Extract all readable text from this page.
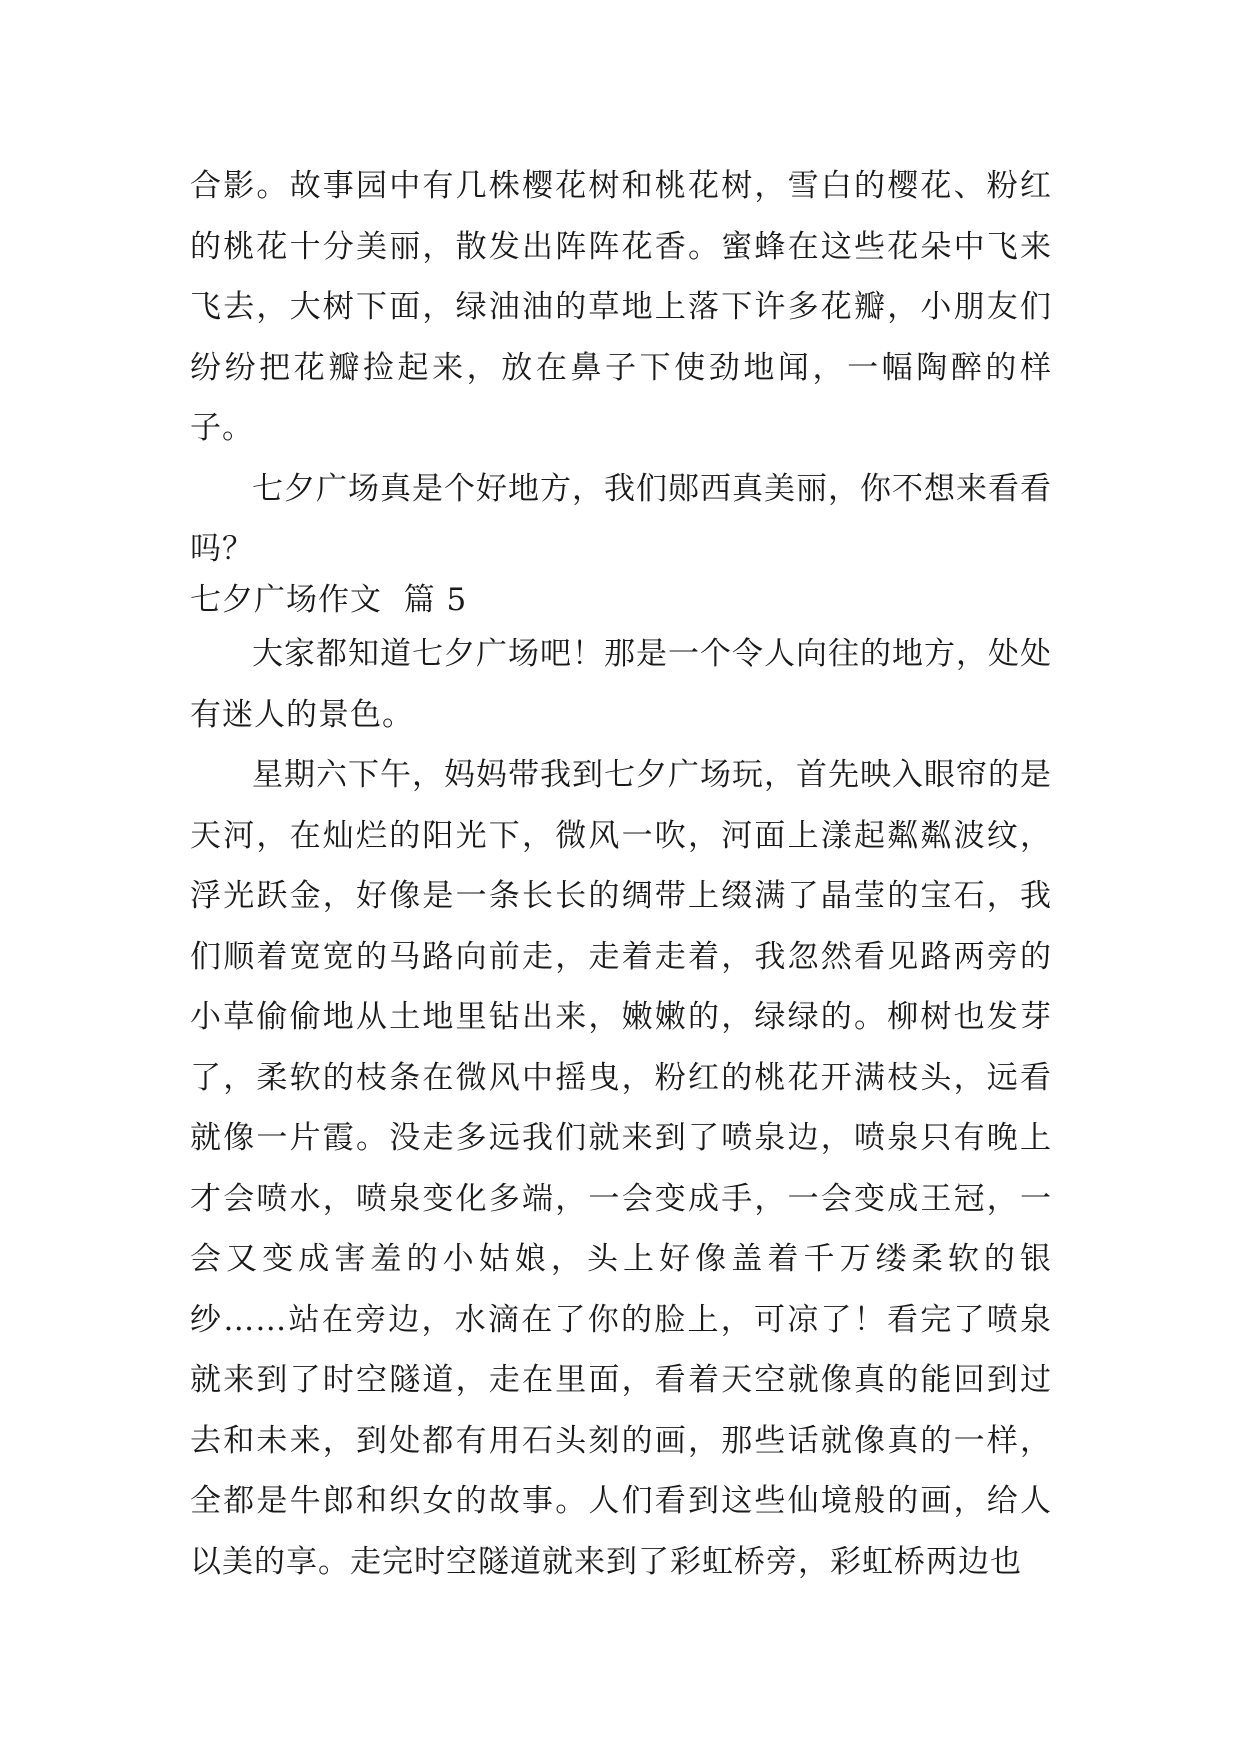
合影。故事园中有几株樱花树和桃花树，雪白的樱花、粉红的桃花十分美丽，散发出阵阵花香。蜜蜂在这些花朵中飞来飞去，大树下面，绿油油的草地上落下许多花瓣，小朋友们纷纷把花瓣捡起来，放在鼻子下使劲地闻，一幅陶醉的样子。

七夕广场真是个好地方，我们郧西真美丽，你不想来看看吗？

七夕广场作文  篇 5

大家都知道七夕广场吧！那是一个令人向往的地方，处处有迷人的景色。

星期六下午，妈妈带我到七夕广场玩，首先映入眼帘的是天河，在灿烂的阳光下，微风一吹，河面上漾起粼粼波纹，浮光跃金，好像是一条长长的绸带上缀满了晶莹的宝石，我们顺着宽宽的马路向前走，走着走着，我忽然看见路两旁的小草偷偷地从土地里钻出来，嫩嫩的，绿绿的。柳树也发芽了，柔软的枝条在微风中摇曳，粉红的桃花开满枝头，远看就像一片霞。没走多远我们就来到了喷泉边，喷泉只有晚上才会喷水，喷泉变化多端，一会变成手，一会变成王冠，一会又变成害羞的小姑娘，头上好像盖着千万缕柔软的银纱……站在旁边，水滴在了你的脸上，可凉了！看完了喷泉就来到了时空隧道，走在里面，看着天空就像真的能回到过去和未来，到处都有用石头刻的画，那些话就像真的一样，全都是牛郎和织女的故事。人们看到这些仙境般的画，给人以美的享。走完时空隧道就来到了彩虹桥旁，彩虹桥两边也
